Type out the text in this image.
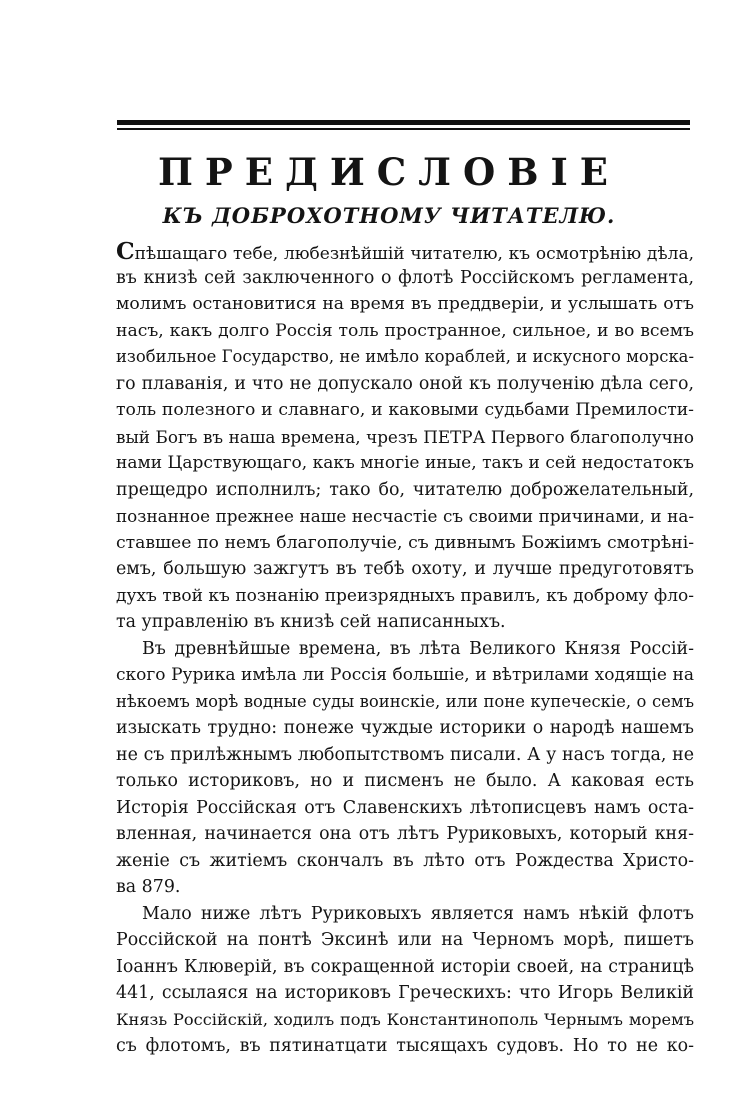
ПРЕДИСЛОВІЕ
КЪ ДОБРОХОТНОМУ ЧИТАТЕЛЮ.
Спѣшащаго тебе, любезнѣйшій читателю, къ осмотрѣнію дѣла,
въ книзѣ сей заключенного о флотѣ Россійскомъ регламента,
молимъ остановитися на время въ преддверіи, и услышать отъ
насъ, какъ долго Россія толь пространное, сильное, и во всемъ
изобильное Государство, не имѣло кораблей, и искусного морска-
го плаванія, и что не допускало оной къ полученію дѣла сего,
толь полезного и славнаго, и каковыми судьбами Премилости-
вый Богъ въ наша времена, чрезъ ПЕТРА Первого благополучно
нами Царствующаго, какъ многіе иные, такъ и сей недостатокъ
прещедро исполнилъ; тако бо, читателю доброжелательный,
познанное прежнее наше несчастіе съ своими причинами, и на-
ставшее по немъ благополучіе, съ дивнымъ Божіимъ смотрѣні-
емъ, большую зажгутъ въ тебѣ охоту, и лучше предуготовятъ
духъ твой къ познанію преизрядныхъ правилъ, къ доброму фло-
та управленію въ книзѣ сей написанныхъ.
Въ древнѣйшые времена, въ лѣта Великого Князя Россій-
ского Рурика имѣла ли Россія большіе, и вѣтрилами ходящіе на
нѣкоемъ морѣ водные суды воинскіе, или поне купеческіе, о семъ
изыскать трудно: понеже чуждые историки о народѣ нашемъ
не съ прилѣжнымъ любопытствомъ писали. А у насъ тогда, не
только историковъ, но и писменъ не было. А каковая есть
Исторія Россійская отъ Славенскихъ лѣтописцевъ намъ оста-
вленная, начинается она отъ лѣтъ Руриковыхъ, который кня-
женіе съ житіемъ скончалъ въ лѣто отъ Рождества Христо-
ва 879.
Мало ниже лѣтъ Руриковыхъ является намъ нѣкій флотъ
Россійской на понтѣ Эксинѣ или на Черномъ морѣ, пишетъ
Іоаннъ Клюверій, въ сокращенной исторіи своей, на страницѣ
441, ссылаяся на историковъ Греческихъ: что Игорь Великій
Князь Россійскій, ходилъ подъ Константинополь Чернымъ моремъ
съ флотомъ, въ пятинатцати тысящахъ судовъ. Но то не ко-
